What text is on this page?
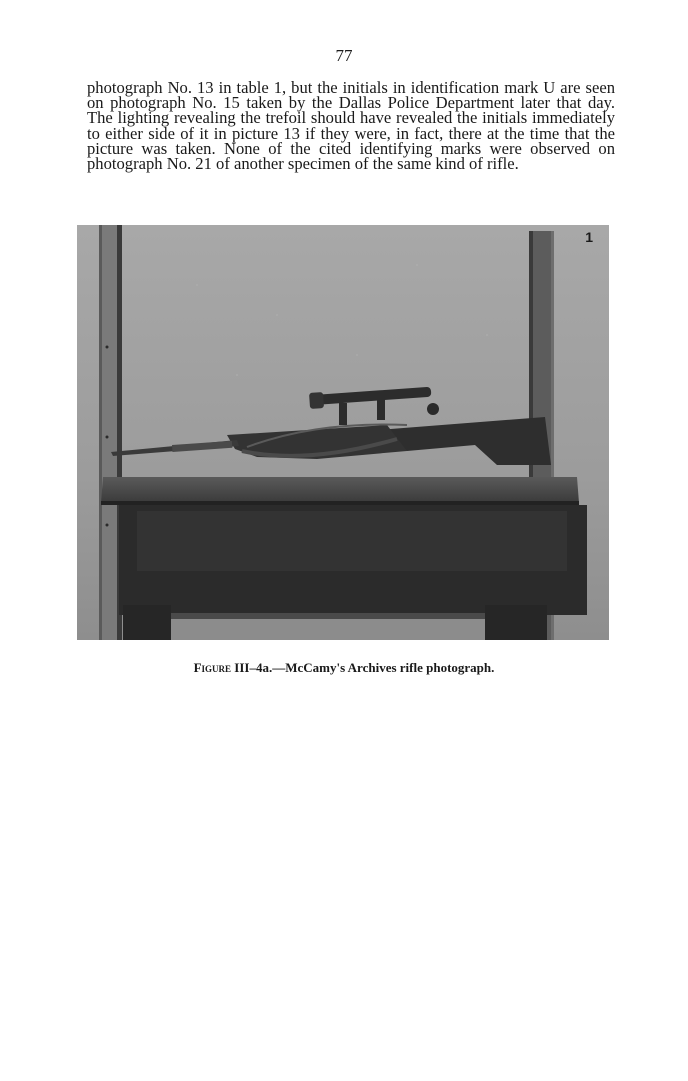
77

photograph No. 13 in table 1, but the initials in identification mark U are seen on photograph No. 15 taken by the Dallas Police Department later that day. The lighting revealing the trefoil should have revealed the initials immediately to either side of it in picture 13 if they were, in fact, there at the time that the picture was taken. None of the cited identifying marks were observed on photograph No. 21 of another specimen of the same kind of rifle.

1
Figure III–4a.—McCamy's Archives rifle photograph.
